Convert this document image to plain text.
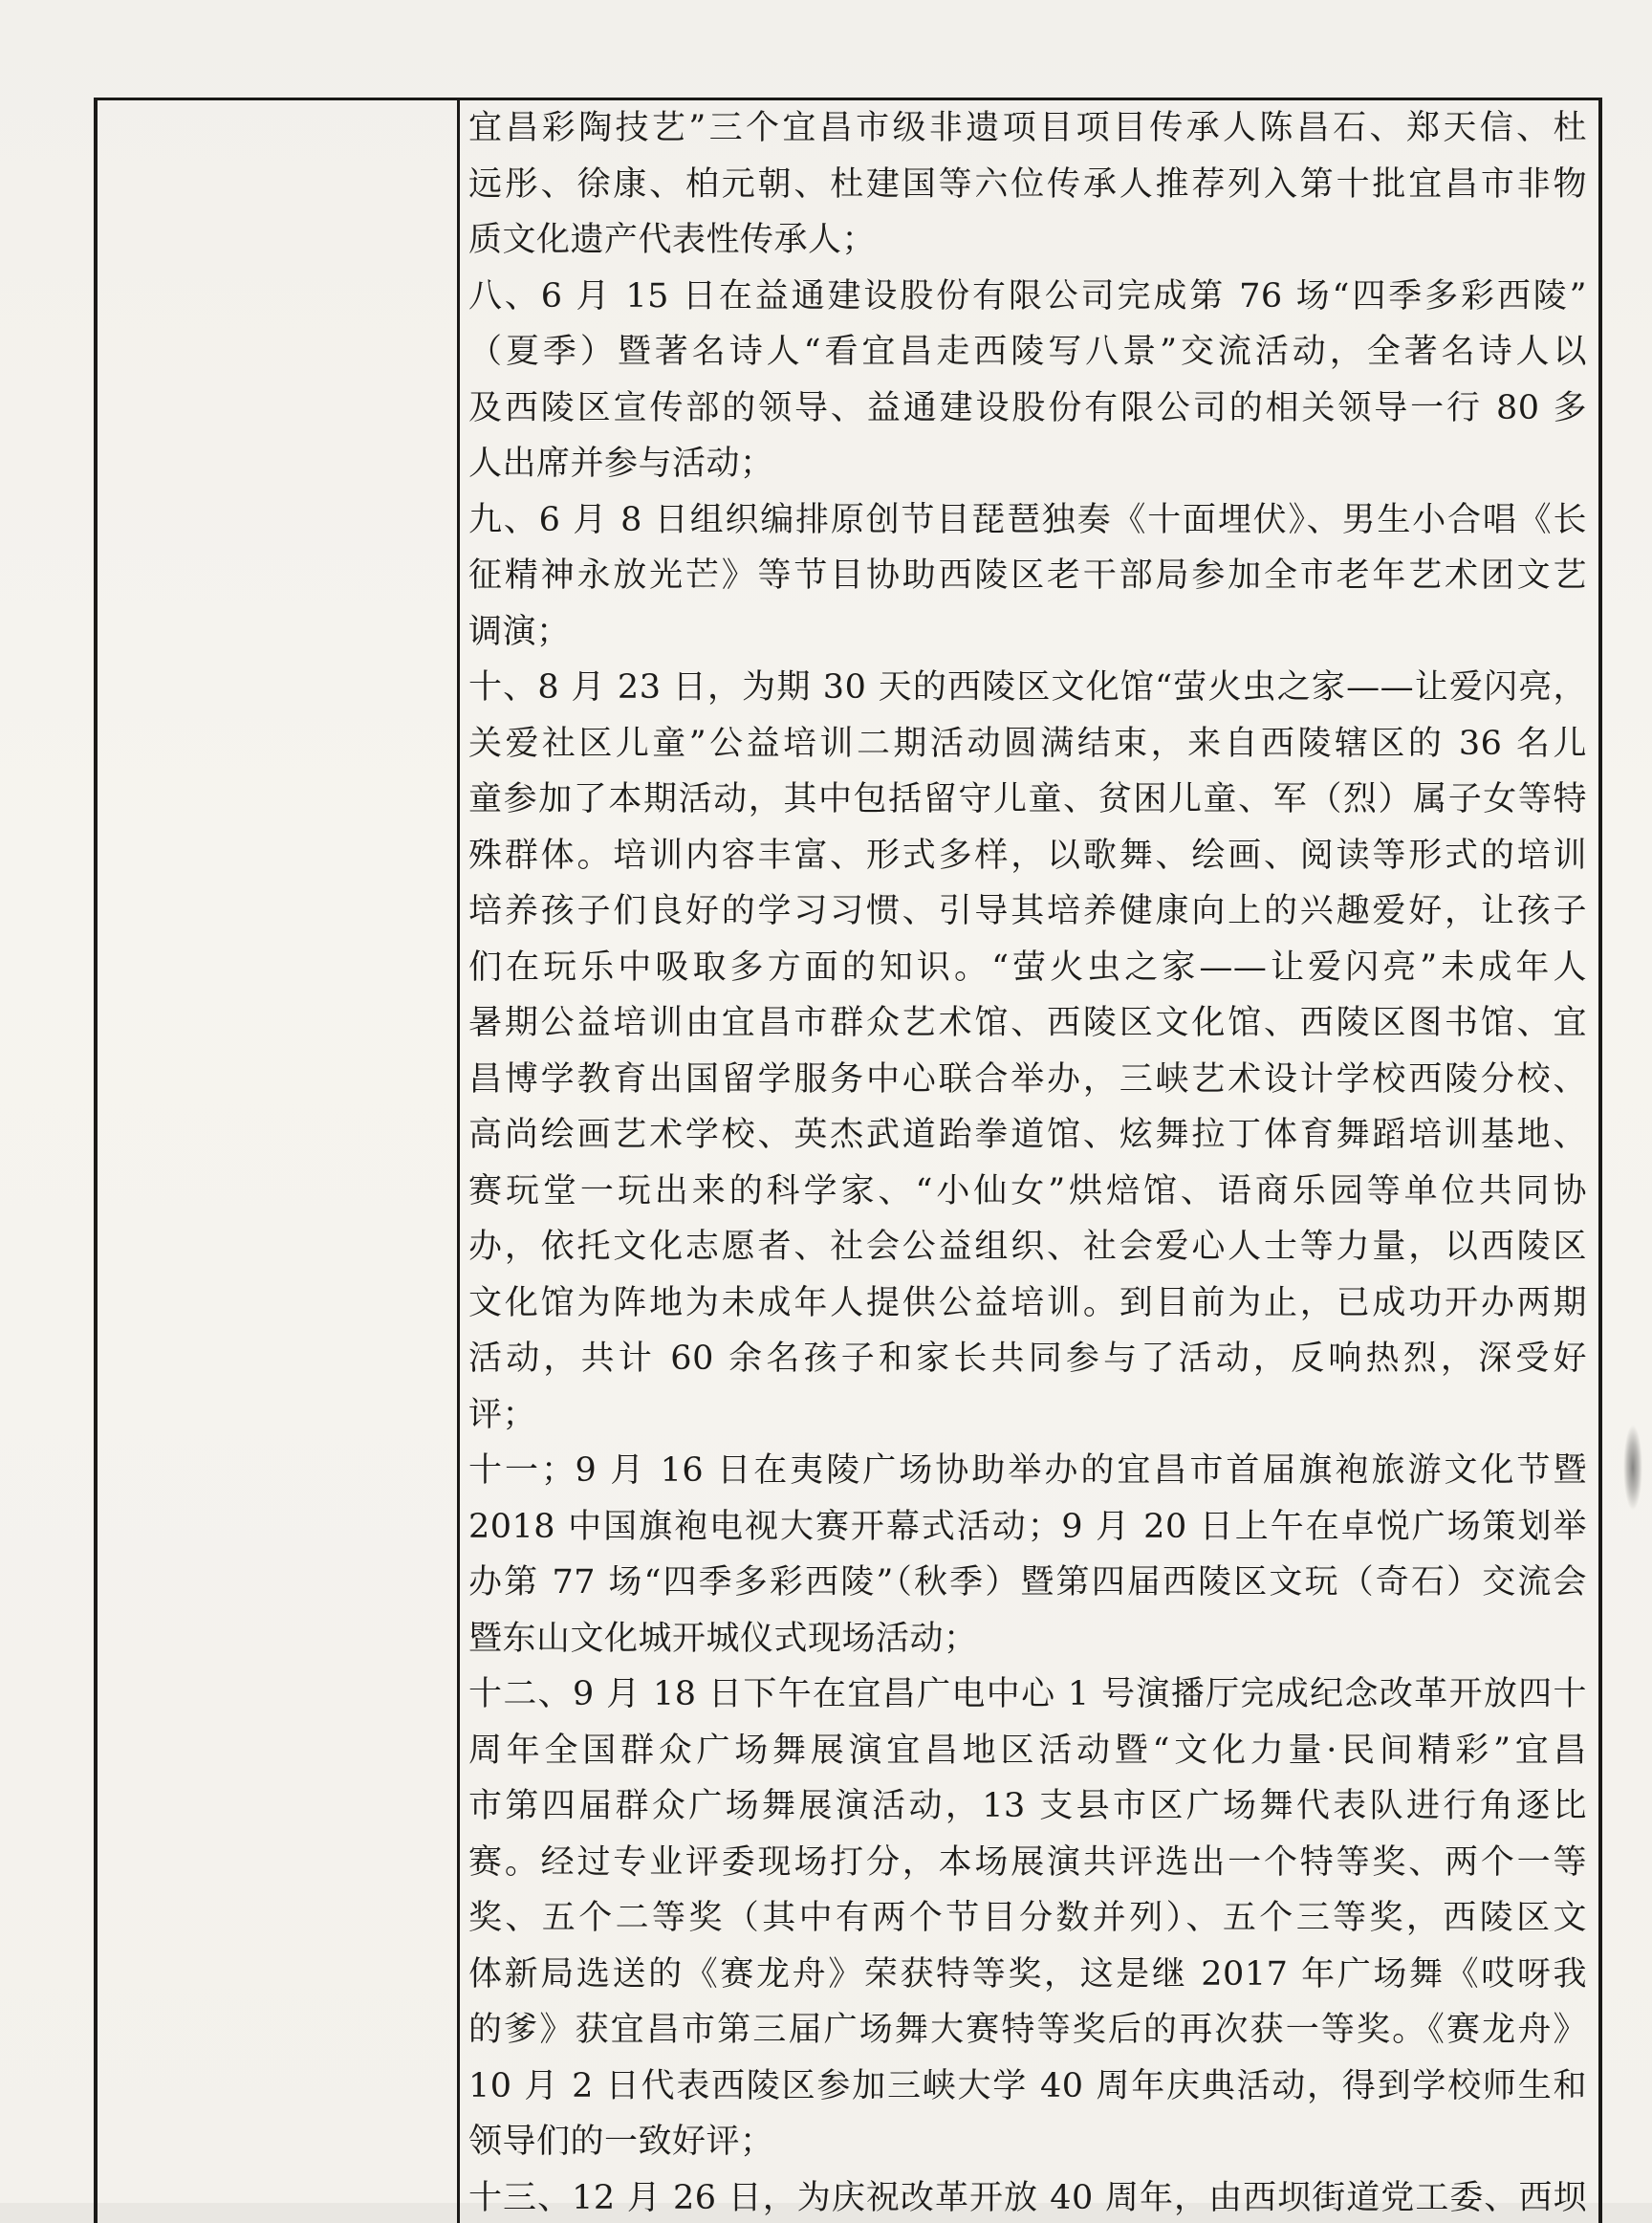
宜昌彩陶技艺”三个宜昌市级非遗项目项目传承人陈昌石、郑天信、杜
远彤、徐康、柏元朝、杜建国等六位传承人推荐列入第十批宜昌市非物
质文化遗产代表性传承人；
八、6 月 15 日在益通建设股份有限公司完成第 76 场“四季多彩西陵”
（夏季）暨著名诗人“看宜昌走西陵写八景”交流活动，全著名诗人以
及西陵区宣传部的领导、益通建设股份有限公司的相关领导一行 80 多
人出席并参与活动；
九、6 月 8 日组织编排原创节目琵琶独奏《十面埋伏》、男生小合唱《长
征精神永放光芒》等节目协助西陵区老干部局参加全市老年艺术团文艺
调演；
十、8 月 23 日，为期 30 天的西陵区文化馆“萤火虫之家——让爱闪亮，
关爱社区儿童”公益培训二期活动圆满结束，来自西陵辖区的 36 名儿
童参加了本期活动，其中包括留守儿童、贫困儿童、军（烈）属子女等特
殊群体。培训内容丰富、形式多样，以歌舞、绘画、阅读等形式的培训
培养孩子们良好的学习习惯、引导其培养健康向上的兴趣爱好，让孩子
们在玩乐中吸取多方面的知识。“萤火虫之家——让爱闪亮”未成年人
暑期公益培训由宜昌市群众艺术馆、西陵区文化馆、西陵区图书馆、宜
昌博学教育出国留学服务中心联合举办，三峡艺术设计学校西陵分校、
高尚绘画艺术学校、英杰武道跆拳道馆、炫舞拉丁体育舞蹈培训基地、
赛玩堂一玩出来的科学家、“小仙女”烘焙馆、语商乐园等单位共同协
办，依托文化志愿者、社会公益组织、社会爱心人士等力量，以西陵区
文化馆为阵地为未成年人提供公益培训。到目前为止，已成功开办两期
活动，共计 60 余名孩子和家长共同参与了活动，反响热烈，深受好
评；
十一；9 月 16 日在夷陵广场协助举办的宜昌市首届旗袍旅游文化节暨
2018 中国旗袍电视大赛开幕式活动；9 月 20 日上午在卓悦广场策划举
办第 77 场“四季多彩西陵”（秋季）暨第四届西陵区文玩（奇石）交流会
暨东山文化城开城仪式现场活动；
十二、9 月 18 日下午在宜昌广电中心 1 号演播厅完成纪念改革开放四十
周年全国群众广场舞展演宜昌地区活动暨“文化力量·民间精彩”宜昌
市第四届群众广场舞展演活动，13 支县市区广场舞代表队进行角逐比
赛。经过专业评委现场打分，本场展演共评选出一个特等奖、两个一等
奖、五个二等奖（其中有两个节目分数并列）、五个三等奖，西陵区文
体新局选送的《赛龙舟》荣获特等奖，这是继 2017 年广场舞《哎呀我
的爹》获宜昌市第三届广场舞大赛特等奖后的再次获一等奖。《赛龙舟》
10 月 2 日代表西陵区参加三峡大学 40 周年庆典活动，得到学校师生和
领导们的一致好评；
十三、12 月 26 日，为庆祝改革开放 40 周年，由西坝街道党工委、西坝
